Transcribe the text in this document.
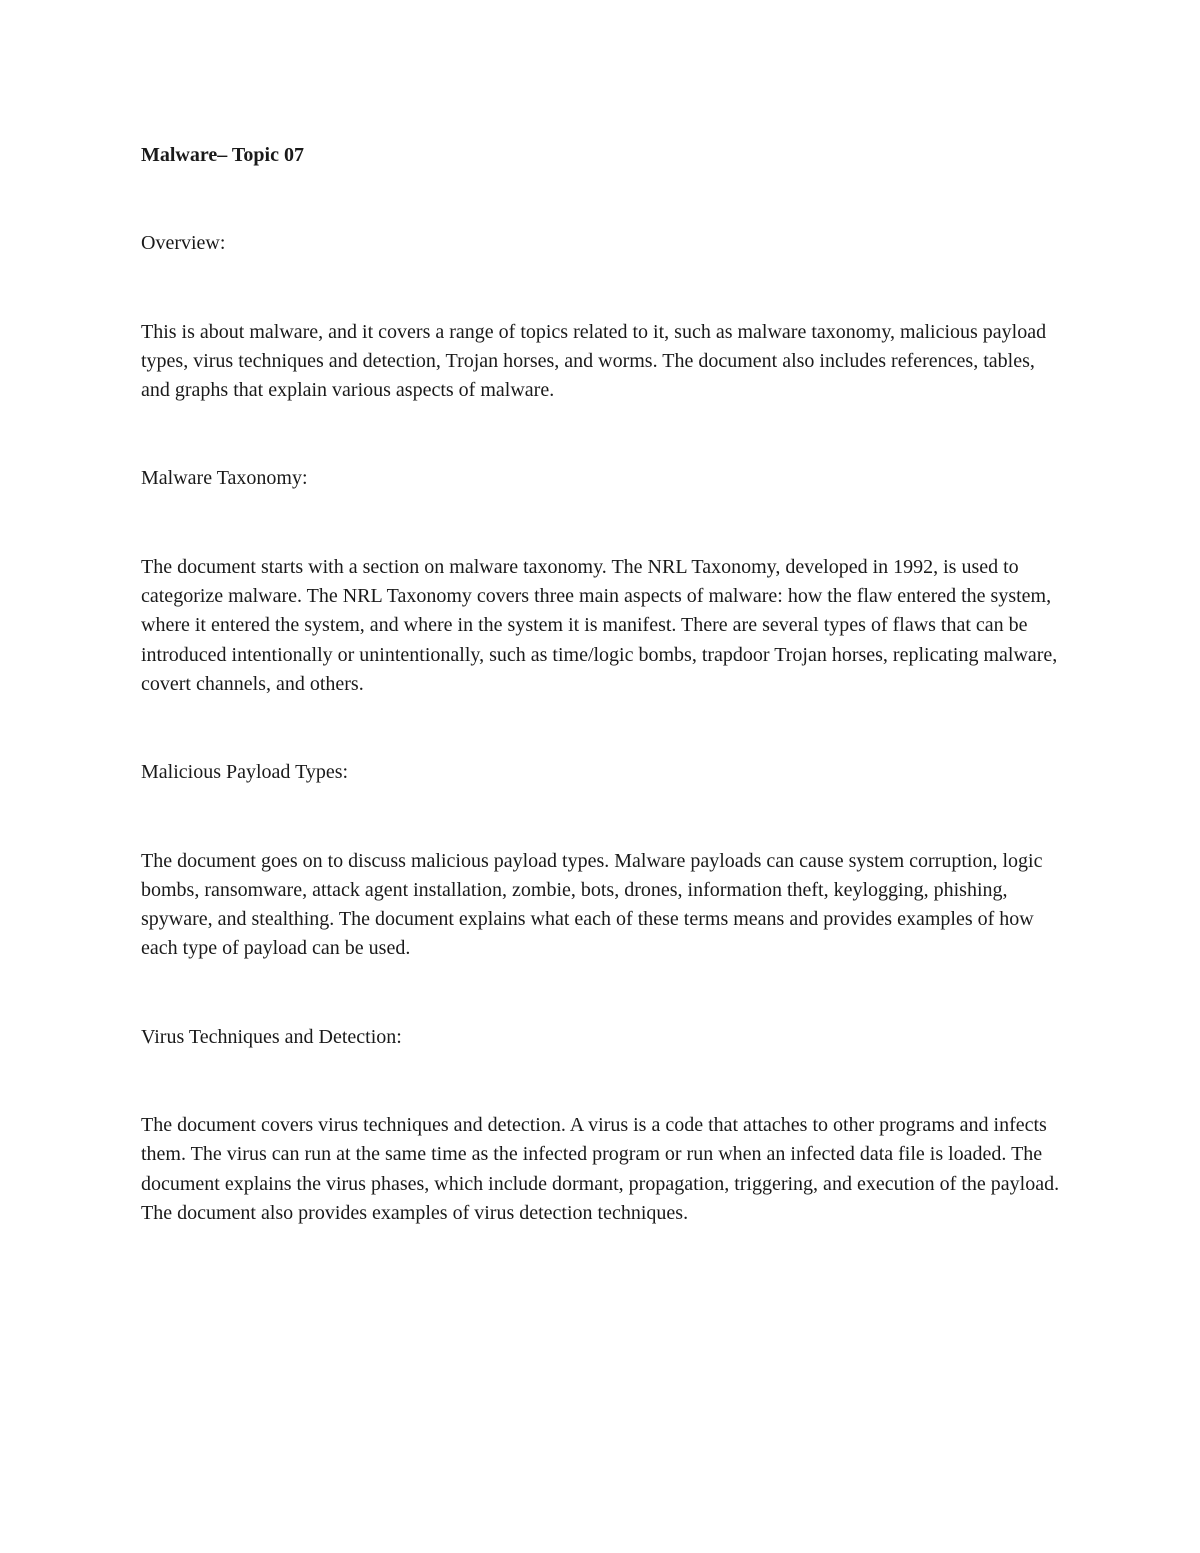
Malware– Topic 07

Overview:

This is about malware, and it covers a range of topics related to it, such as malware taxonomy, malicious payload types, virus techniques and detection, Trojan horses, and worms. The document also includes references, tables, and graphs that explain various aspects of malware.

Malware Taxonomy:

The document starts with a section on malware taxonomy. The NRL Taxonomy, developed in 1992, is used to categorize malware. The NRL Taxonomy covers three main aspects of malware: how the flaw entered the system, where it entered the system, and where in the system it is manifest. There are several types of flaws that can be introduced intentionally or unintentionally, such as time/logic bombs, trapdoor Trojan horses, replicating malware, covert channels, and others.

Malicious Payload Types:

The document goes on to discuss malicious payload types. Malware payloads can cause system corruption, logic bombs, ransomware, attack agent installation, zombie, bots, drones, information theft, keylogging, phishing, spyware, and stealthing. The document explains what each of these terms means and provides examples of how each type of payload can be used.

Virus Techniques and Detection:

The document covers virus techniques and detection. A virus is a code that attaches to other programs and infects them. The virus can run at the same time as the infected program or run when an infected data file is loaded. The document explains the virus phases, which include dormant, propagation, triggering, and execution of the payload. The document also provides examples of virus detection techniques.
